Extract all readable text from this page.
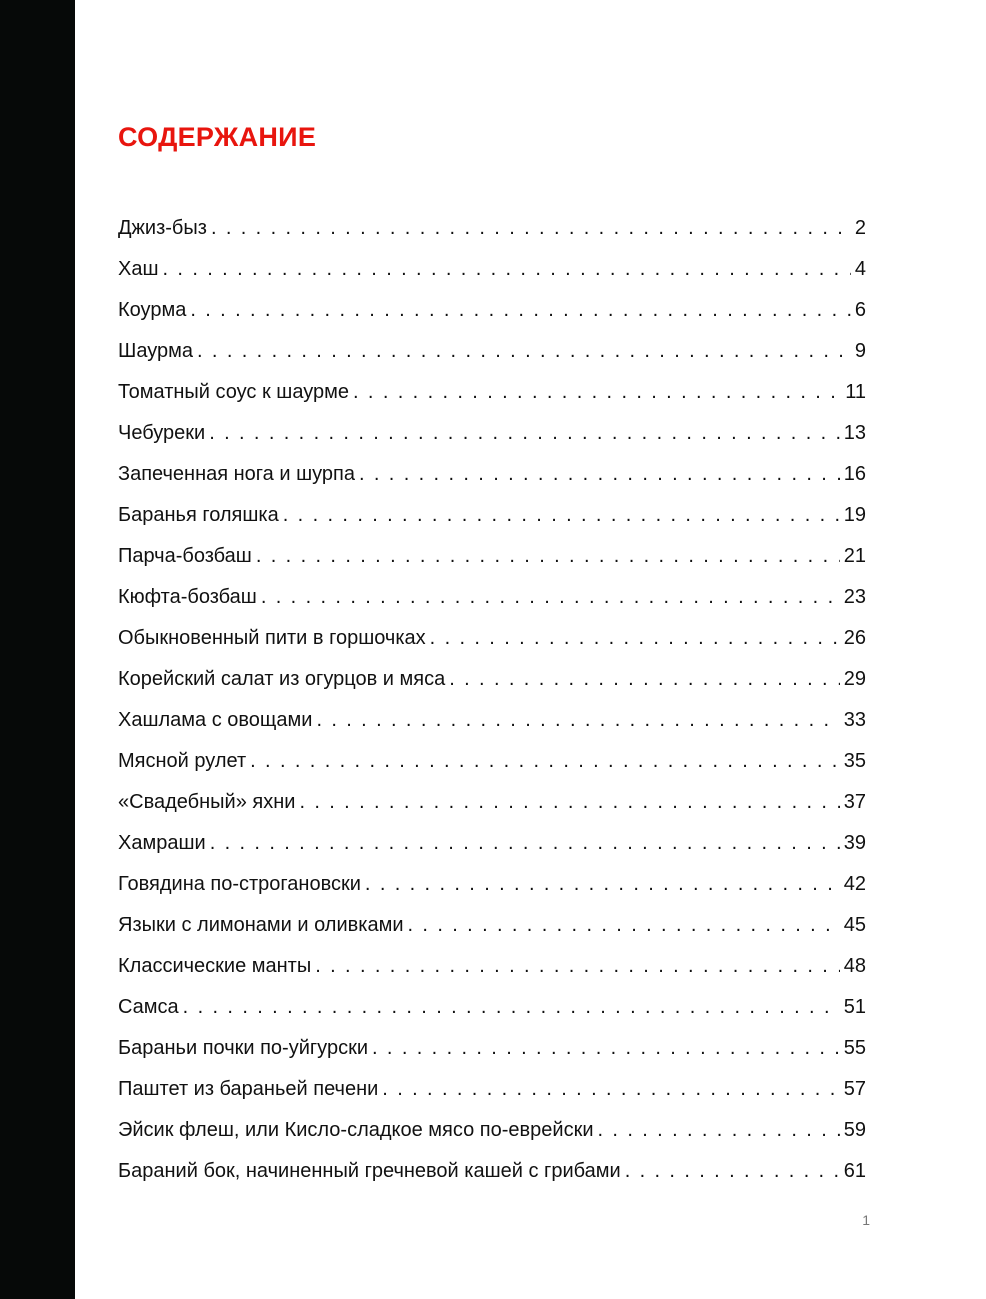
СОДЕРЖАНИЕ
Джиз-быз . . .	2
Хаш . . .	4
Коурма . . .	6
Шаурма . . .	9
Томатный соус к шаурме . . .	11
Чебуреки . . .	13
Запеченная нога и шурпа . . .	16
Баранья голяшка . . .	19
Парча-бозбаш . . .	21
Кюфта-бозбаш . . .	23
Обыкновенный пити в горшочках . . .	26
Корейский салат из огурцов и мяса . . .	29
Хашлама с овощами . . .	33
Мясной рулет . . .	35
«Свадебный» яхни . . .	37
Хамраши . . .	39
Говядина по-строгановски . . .	42
Языки с лимонами и оливками . . .	45
Классические манты . . .	48
Самса . . .	51
Бараньи почки по-уйгурски . . .	55
Паштет из бараньей печени . . .	57
Эйсик флеш, или Кисло-сладкое мясо по-еврейски . . .	59
Бараний бок, начиненный гречневой кашей с грибами . . .	61
1
